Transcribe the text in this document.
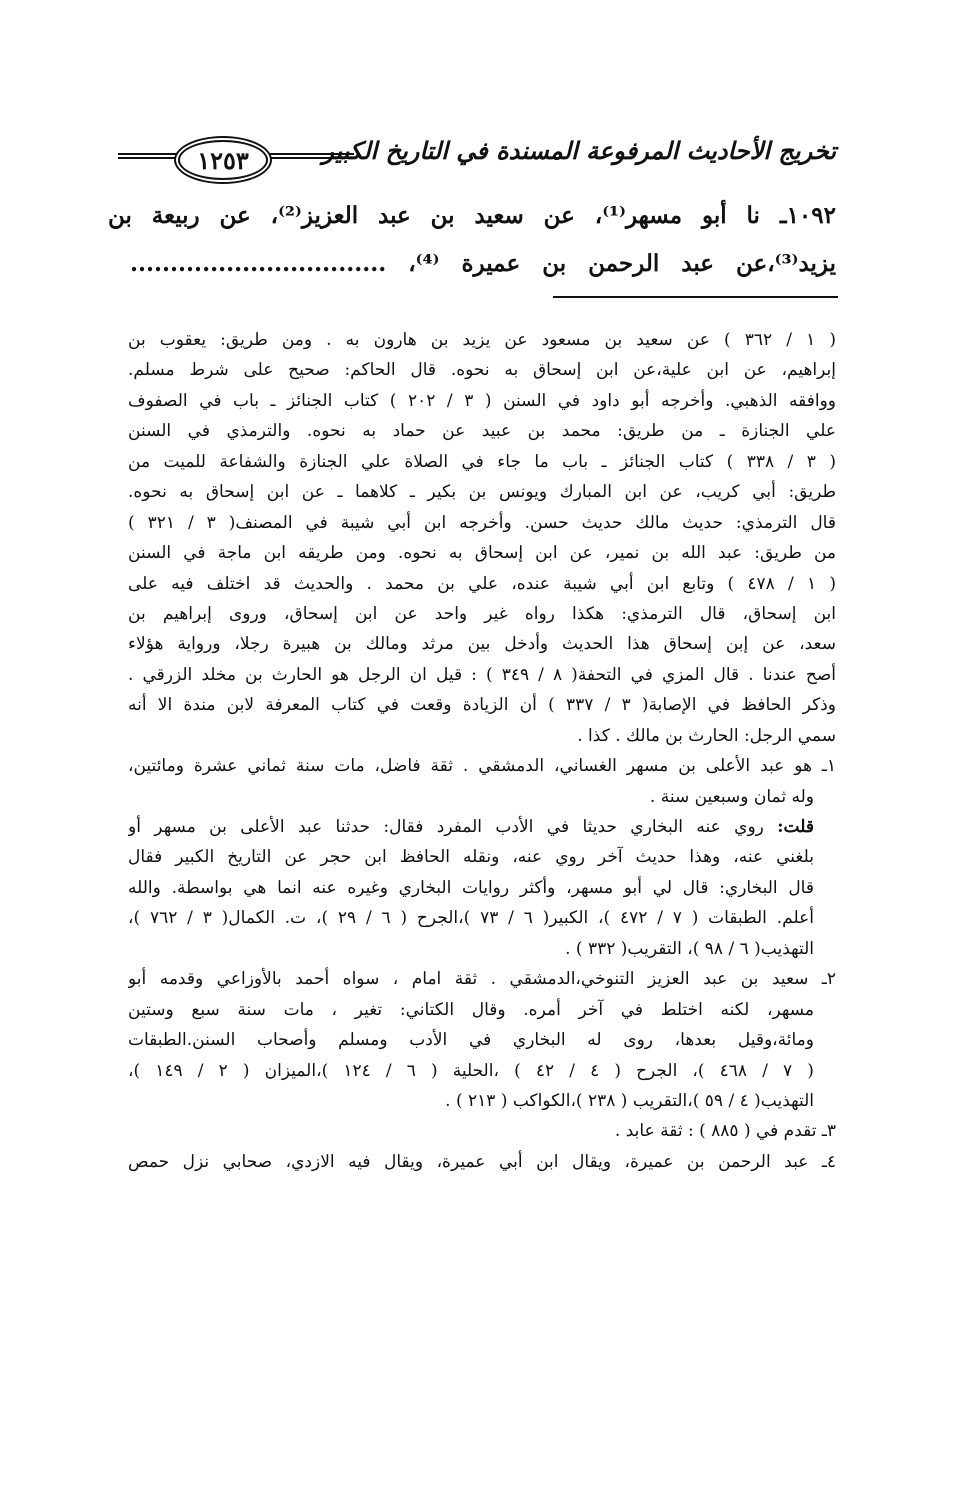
تخريج الأحاديث المرفوعة المسندة في التاريخ الكبير
١٢٥٣
١٠٩٢ـ نا أبو مسهر⁽¹⁾، عن سعيد بن عبد العزيز⁽²⁾، عن ربيعة بن
يزيد⁽³⁾،عن عبد الرحمن بن عميرة ⁽⁴⁾، ................................
( ١ / ٣٦٢ ) عن سعيد بن مسعود عن يزيد بن هارون به . ومن طريق: يعقوب بن
إبراهيم، عن ابن علية،عن ابن إسحاق به نحوه. قال الحاكم: صحيح على شرط مسلم.
ووافقه الذهبي. وأخرجه أبو داود في السنن ( ٣ / ٢٠٢ ) كتاب الجنائز ـ باب في الصفوف
علي الجنازة ـ من طريق: محمد بن عبيد عن حماد به نحوه. والترمذي في السنن
( ٣ / ٣٣٨ ) كتاب الجنائز ـ باب ما جاء في الصلاة علي الجنازة والشفاعة للميت من
طريق: أبي كريب، عن ابن المبارك ويونس بن بكير ـ كلاهما ـ عن ابن إسحاق به نحوه.
قال الترمذي: حديث مالك حديث حسن. وأخرجه ابن أبي شيبة في المصنف( ٣ / ٣٢١ )
من طريق: عبد الله بن نمير، عن ابن إسحاق به نحوه. ومن طريقه ابن ماجة في السنن
( ١ / ٤٧٨ ) وتابع ابن أبي شيبة عنده، علي بن محمد . والحديث قد اختلف فيه على
ابن إسحاق، قال الترمذي: هكذا رواه غير واحد عن ابن إسحاق، وروى إبراهيم بن
سعد، عن إبن إسحاق هذا الحديث وأدخل بين مرثد ومالك بن هبيرة رجلا، ورواية هؤلاء
أصح عندنا . قال المزي في التحفة( ٨ / ٣٤٩ ) : قيل ان الرجل هو الحارث بن مخلد الزرقي .
وذكر الحافظ في الإصابة( ٣ / ٣٣٧ ) أن الزيادة وقعت في كتاب المعرفة لابن مندة الا أنه
سمي الرجل: الحارث بن مالك . كذا .
١ـ هو عبد الأعلى بن مسهر الغساني، الدمشقي . ثقة فاضل، مات سنة ثماني عشرة ومائتين،
وله ثمان وسبعين سنة .
قلت: روي عنه البخاري حديثا في الأدب المفرد فقال: حدثنا عبد الأعلى بن مسهر أو
بلغني عنه، وهذا حديث آخر روي عنه، ونقله الحافظ ابن حجر عن التاريخ الكبير فقال
قال البخاري: قال لي أبو مسهر، وأكثر روايات البخاري وغيره عنه انما هي بواسطة. والله
أعلم. الطبقات ( ٧ / ٤٧٢ )، الكبير( ٦ / ٧٣ )،الجرح ( ٦ / ٢٩ )، ت. الكمال( ٣ / ٧٦٢ )،
التهذيب( ٦ / ٩٨ )، التقريب( ٣٣٢ ) .
٢ـ سعيد بن عبد العزيز التنوخي،الدمشقي . ثقة امام ، سواه أحمد بالأوزاعي وقدمه أبو
مسهر، لكنه اختلط في آخر أمره. وقال الكتاني: تغير ، مات سنة سبع وستين
ومائة،وقيل بعدها، روى له البخاري في الأدب ومسلم وأصحاب السنن.الطبقات
( ٧ / ٤٦٨ )، الجرح ( ٤ / ٤٢ ) ،الحلية ( ٦ / ١٢٤ )،الميزان ( ٢ / ١٤٩ )،
التهذيب( ٤ / ٥٩ )،التقريب ( ٢٣٨ )،الكواكب ( ٢١٣ ) .
٣ـ تقدم في ( ٨٨٥ ) : ثقة عابد .
٤ـ عبد الرحمن بن عميرة، ويقال ابن أبي عميرة، ويقال فيه الازدي، صحابي نزل حمص
